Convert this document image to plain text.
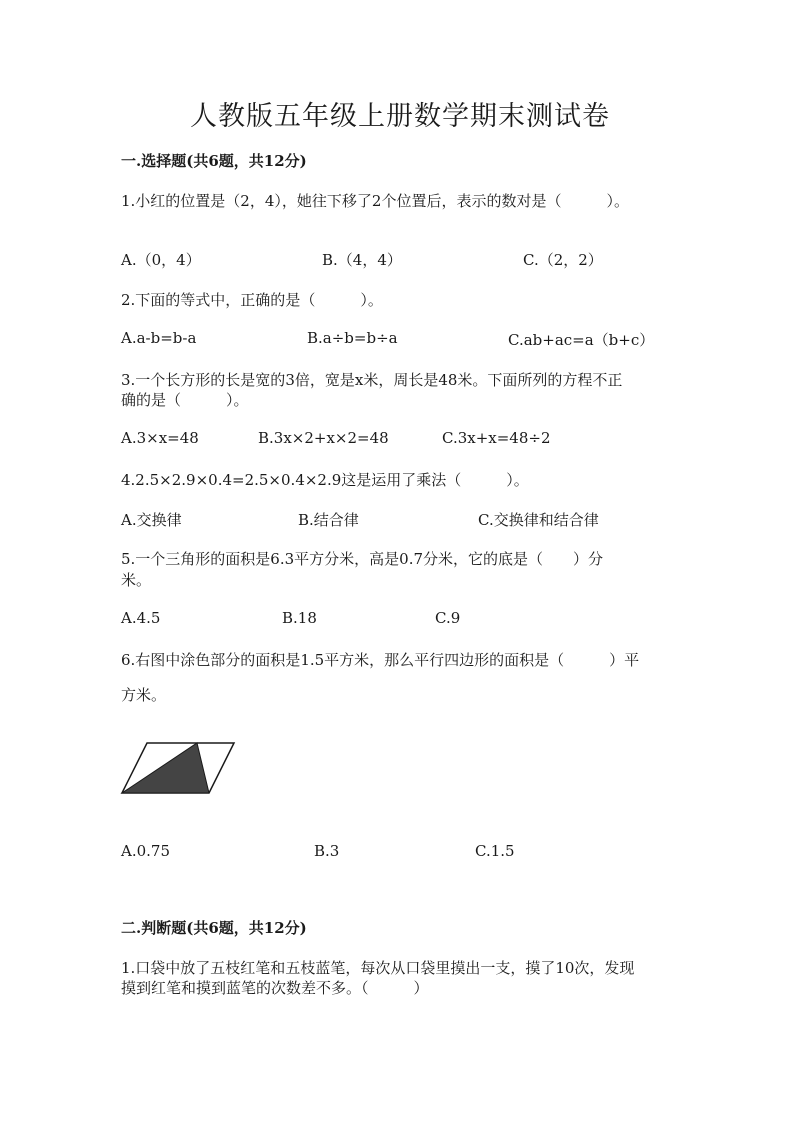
人教版五年级上册数学期末测试卷
一.选择题(共6题，共12分)
1.小红的位置是（2，4），她往下移了2个位置后，表示的数对是（　　　）。
A.（0，4）	B.（4，4）	C.（2，2）
2.下面的等式中，正确的是（　　　）。
A.a-b=b-a	B.a÷b=b÷a	C.ab+ac=a（b+c）
3.一个长方形的长是宽的3倍，宽是x米，周长是48米。下面所列的方程不正
确的是（　　　）。
A.3×x=48	B.3x×2+x×2=48	C.3x+x=48÷2
4.2.5×2.9×0.4=2.5×0.4×2.9这是运用了乘法（　　　）。
A.交换律	B.结合律	C.交换律和结合律
5.一个三角形的面积是6.3平方分米，高是0.7分米，它的底是（　　）分
米。
A.4.5	B.18	C.9
6.右图中涂色部分的面积是1.5平方米，那么平行四边形的面积是（　　　）平
方米。
A.0.75	B.3	C.1.5
二.判断题(共6题，共12分)
1.口袋中放了五枝红笔和五枝蓝笔，每次从口袋里摸出一支，摸了10次，发现
摸到红笔和摸到蓝笔的次数差不多。（　　　）
